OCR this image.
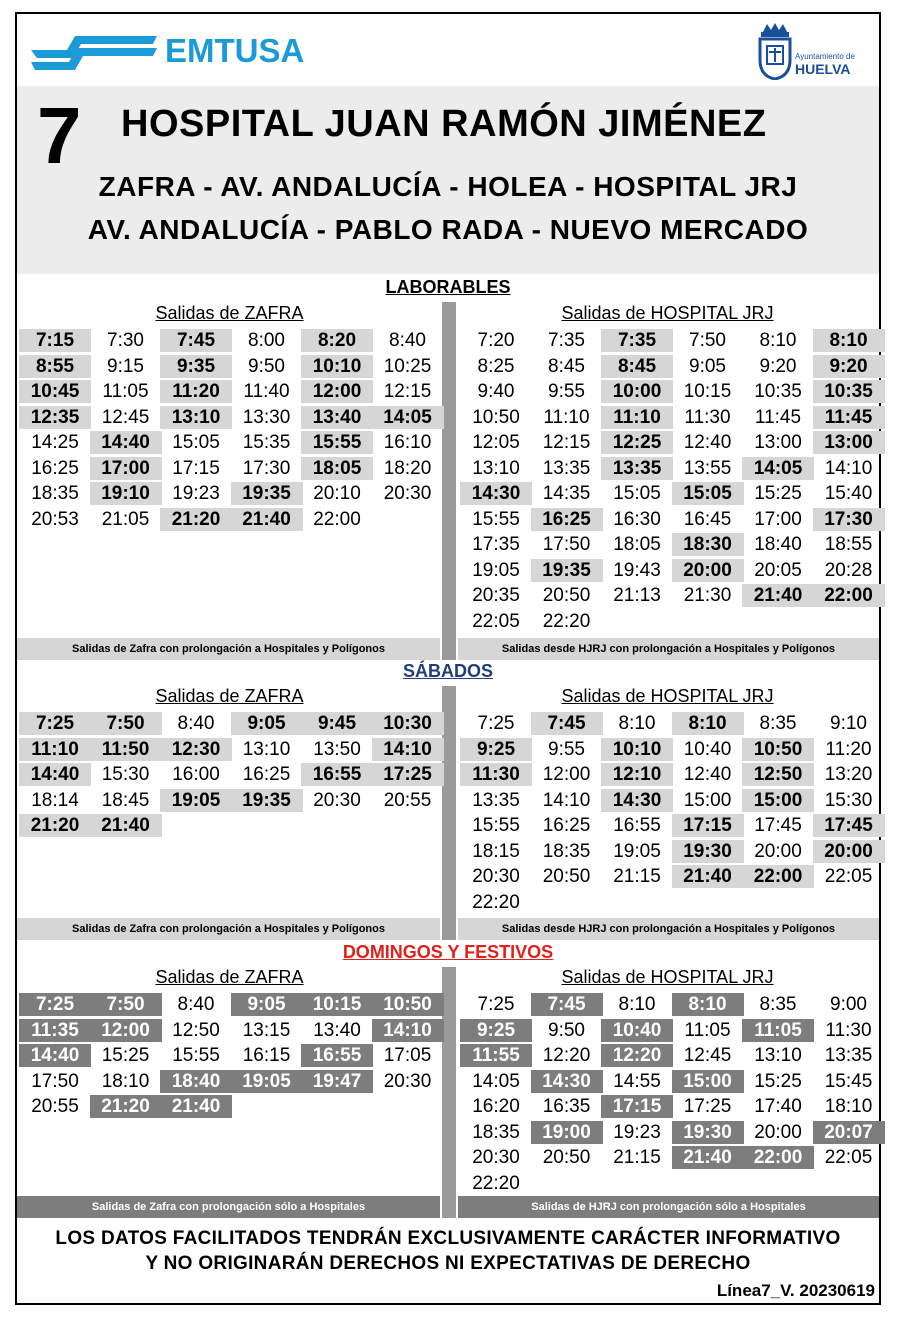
EMTUSA	Ayuntamiento de
HUELVA
7 HOSPITAL JUAN RAMÓN JIMÉNEZ
ZAFRA - AV. ANDALUCÍA - HOLEA - HOSPITAL JRJ
AV. ANDALUCÍA - PABLO RADA - NUEVO MERCADO
LABORABLES
Salidas de ZAFRA	Salidas de HOSPITAL JRJ
7:15	7:30	7:45	8:00	8:20	8:40
8:55	9:15	9:35	9:50	10:10	10:25
10:45	11:05	11:20	11:40	12:00	12:15
12:35	12:45	13:10	13:30	13:40	14:05
14:25	14:40	15:05	15:35	15:55	16:10
16:25	17:00	17:15	17:30	18:05	18:20
18:35	19:10	19:23	19:35	20:10	20:30
20:53	21:05	21:20	21:40	22:00
7:20	7:35	7:35	7:50	8:10	8:10
8:25	8:45	8:45	9:05	9:20	9:20
9:40	9:55	10:00	10:15	10:35	10:35
10:50	11:10	11:10	11:30	11:45	11:45
12:05	12:15	12:25	12:40	13:00	13:00
13:10	13:35	13:35	13:55	14:05	14:10
14:30	14:35	15:05	15:05	15:25	15:40
15:55	16:25	16:30	16:45	17:00	17:30
17:35	17:50	18:05	18:30	18:40	18:55
19:05	19:35	19:43	20:00	20:05	20:28
20:35	20:50	21:13	21:30	21:40	22:00
22:05	22:20
Salidas de Zafra con prolongación a Hospitales y Polígonos	Salidas desde HJRJ con prolongación a Hospitales y Polígonos
SÁBADOS
Salidas de ZAFRA	Salidas de HOSPITAL JRJ
7:25	7:50	8:40	9:05	9:45	10:30
11:10	11:50	12:30	13:10	13:50	14:10
14:40	15:30	16:00	16:25	16:55	17:25
18:14	18:45	19:05	19:35	20:30	20:55
21:20	21:40
7:25	7:45	8:10	8:10	8:35	9:10
9:25	9:55	10:10	10:40	10:50	11:20
11:30	12:00	12:10	12:40	12:50	13:20
13:35	14:10	14:30	15:00	15:00	15:30
15:55	16:25	16:55	17:15	17:45	17:45
18:15	18:35	19:05	19:30	20:00	20:00
20:30	20:50	21:15	21:40	22:00	22:05
22:20
Salidas de Zafra con prolongación a Hospitales y Polígonos	Salidas desde HJRJ con prolongación a Hospitales y Polígonos
DOMINGOS Y FESTIVOS
Salidas de ZAFRA	Salidas de HOSPITAL JRJ
7:25	7:50	8:40	9:05	10:15	10:50
11:35	12:00	12:50	13:15	13:40	14:10
14:40	15:25	15:55	16:15	16:55	17:05
17:50	18:10	18:40	19:05	19:47	20:30
20:55	21:20	21:40
7:25	7:45	8:10	8:10	8:35	9:00
9:25	9:50	10:40	11:05	11:05	11:30
11:55	12:20	12:20	12:45	13:10	13:35
14:05	14:30	14:55	15:00	15:25	15:45
16:20	16:35	17:15	17:25	17:40	18:10
18:35	19:00	19:23	19:30	20:00	20:07
20:30	20:50	21:15	21:40	22:00	22:05
22:20
Salidas de Zafra con prolongación sólo a Hospitales	Salidas de HJRJ con prolongación sólo a Hospitales
LOS DATOS FACILITADOS TENDRÁN EXCLUSIVAMENTE CARÁCTER INFORMATIVO
Y NO ORIGINARÁN DERECHOS NI EXPECTATIVAS DE DERECHO
Línea7_V. 20230619
